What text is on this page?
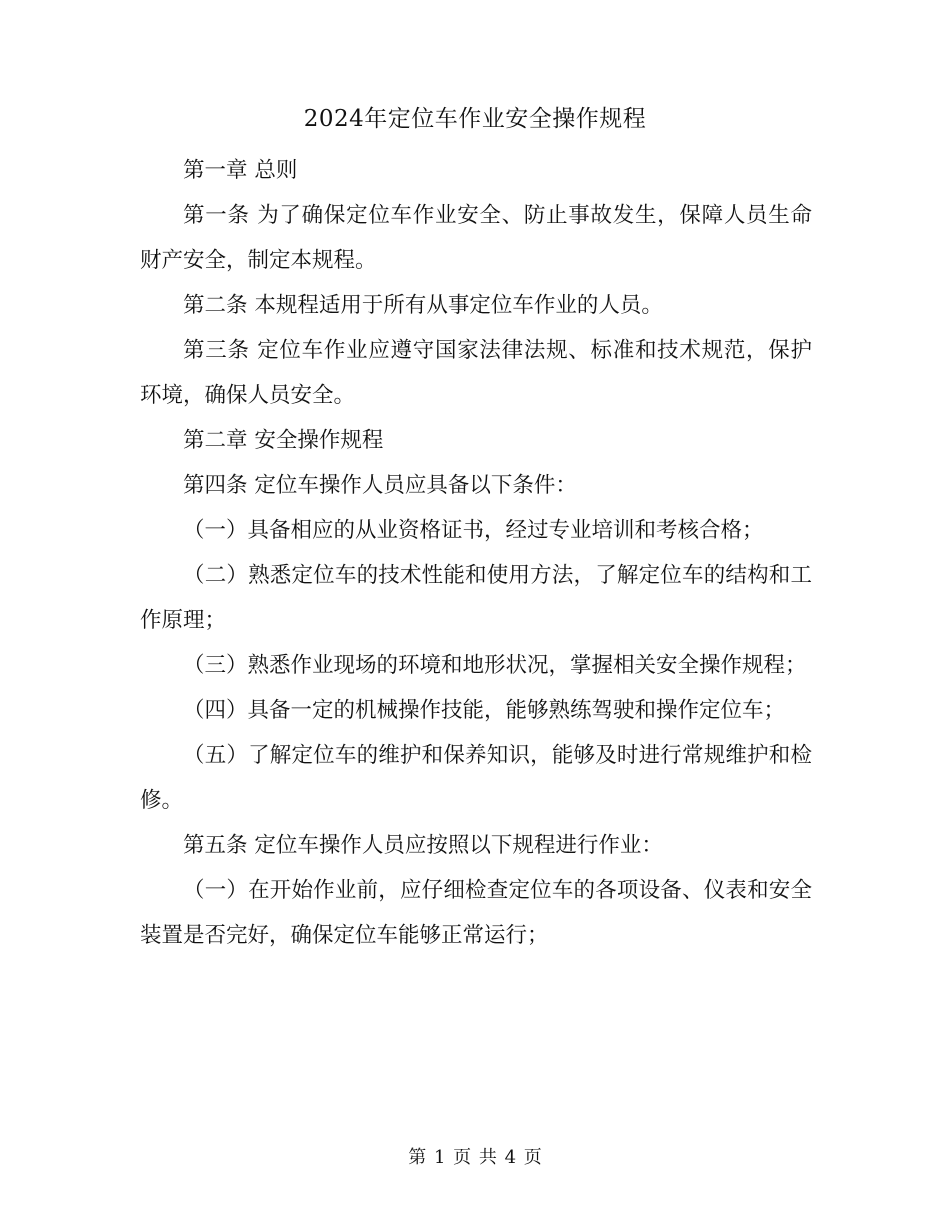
2024年定位车作业安全操作规程

第一章 总则

第一条 为了确保定位车作业安全、防止事故发生，保障人员生命财产安全，制定本规程。

第二条 本规程适用于所有从事定位车作业的人员。

第三条 定位车作业应遵守国家法律法规、标准和技术规范，保护环境，确保人员安全。

第二章 安全操作规程

第四条 定位车操作人员应具备以下条件：

（一）具备相应的从业资格证书，经过专业培训和考核合格；

（二）熟悉定位车的技术性能和使用方法，了解定位车的结构和工作原理；

（三）熟悉作业现场的环境和地形状况，掌握相关安全操作规程；

（四）具备一定的机械操作技能，能够熟练驾驶和操作定位车；

（五）了解定位车的维护和保养知识，能够及时进行常规维护和检修。

第五条 定位车操作人员应按照以下规程进行作业：

（一）在开始作业前，应仔细检查定位车的各项设备、仪表和安全装置是否完好，确保定位车能够正常运行；

第 1 页 共 4 页
